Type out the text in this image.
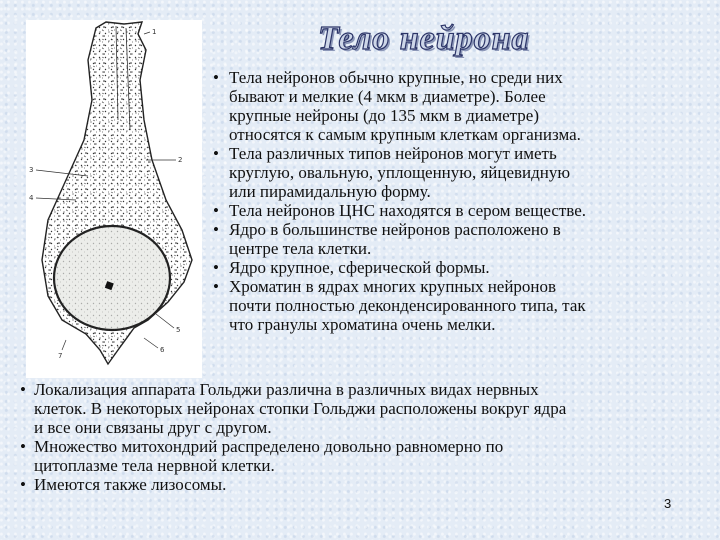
1
2
3
4
5
6
7
Тело нейрона
• Тела нейронов обычно крупные, но среди них
бывают и мелкие (4 мкм в диаметре). Более
крупные нейроны (до 135 мкм в диаметре)
относятся к самым крупным клеткам организма.
• Тела различных типов нейронов могут иметь
круглую, овальную, уплощенную, яйцевидную
или пирамидальную форму.
• Тела нейронов ЦНС находятся в сером веществе.
• Ядро в большинстве нейронов расположено в
центре тела клетки.
• Ядро крупное, сферической формы.
• Хроматин в ядрах многих крупных нейронов
почти полностью деконденсированного типа, так
что гранулы хроматина очень мелки.
• Локализация аппарата Гольджи различна в различных видах нервных
клеток. В некоторых нейронах стопки Гольджи расположены вокруг ядра
и все они связаны друг с другом.
• Множество митохондрий распределено довольно равномерно по
цитоплазме тела нервной клетки.
• Имеются также лизосомы.
3
